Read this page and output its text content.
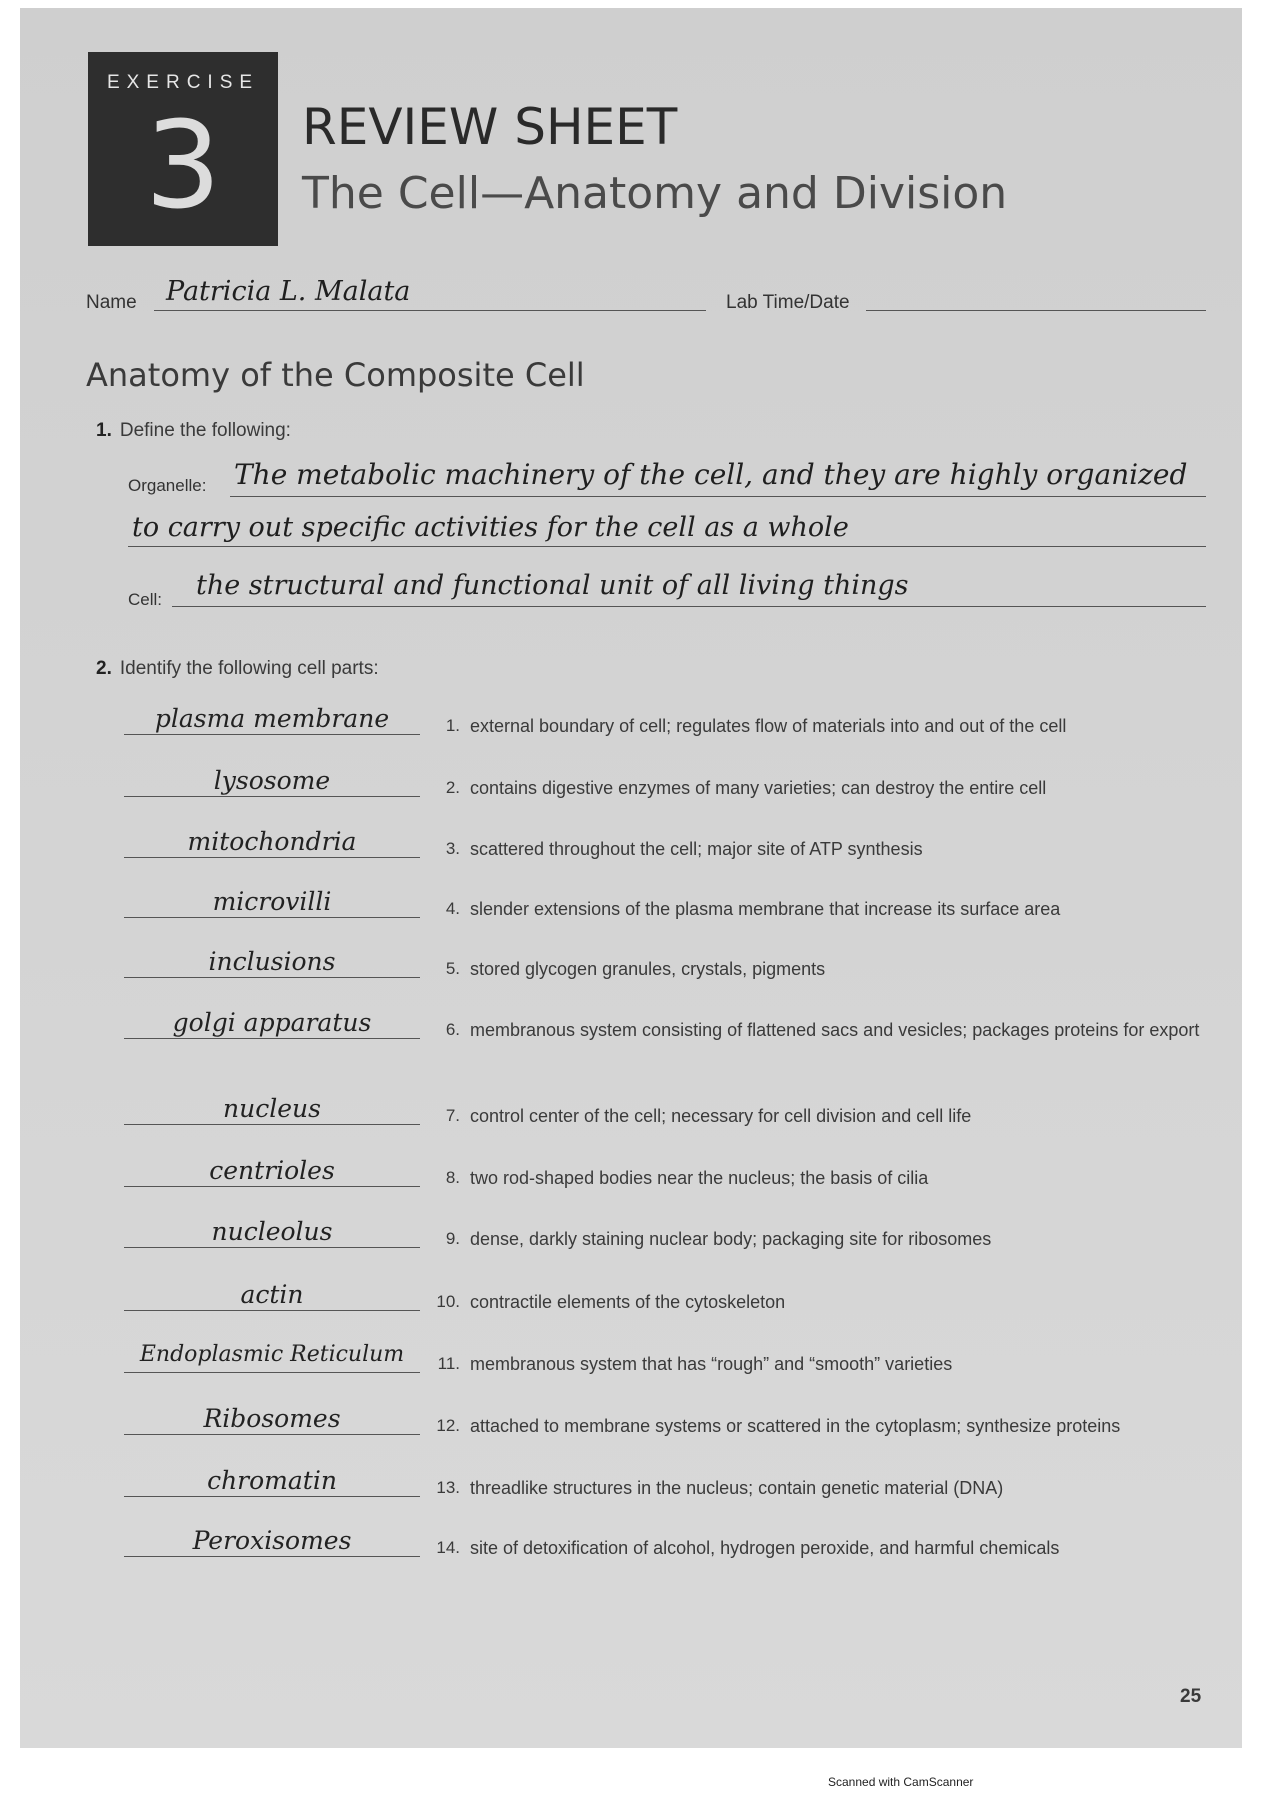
EXERCISE
3	REVIEW SHEET
The Cell—Anatomy and Division
Name Patricia L. Malata	Lab Time/Date
Anatomy of the Composite Cell
1. Define the following:
Organelle: The metabolic machinery of the cell, and they are highly organized
to carry out specific activities for the cell as a whole
Cell: the structural and functional unit of all living things
2. Identify the following cell parts:
plasma membrane	1. external boundary of cell; regulates flow of materials into and out of the cell
lysosome	2. contains digestive enzymes of many varieties; can destroy the entire cell
mitochondria	3. scattered throughout the cell; major site of ATP synthesis
microvilli	4. slender extensions of the plasma membrane that increase its surface area
inclusions	5. stored glycogen granules, crystals, pigments
golgi apparatus	6. membranous system consisting of flattened sacs and vesicles; packages proteins for export
nucleus	7. control center of the cell; necessary for cell division and cell life
centrioles	8. two rod-shaped bodies near the nucleus; the basis of cilia
nucleolus	9. dense, darkly staining nuclear body; packaging site for ribosomes
actin	10. contractile elements of the cytoskeleton
Endoplasmic Reticulum	11. membranous system that has “rough” and “smooth” varieties
Ribosomes	12. attached to membrane systems or scattered in the cytoplasm; synthesize proteins
chromatin	13. threadlike structures in the nucleus; contain genetic material (DNA)
Peroxisomes	14. site of detoxification of alcohol, hydrogen peroxide, and harmful chemicals
25
Scanned with CamScanner
